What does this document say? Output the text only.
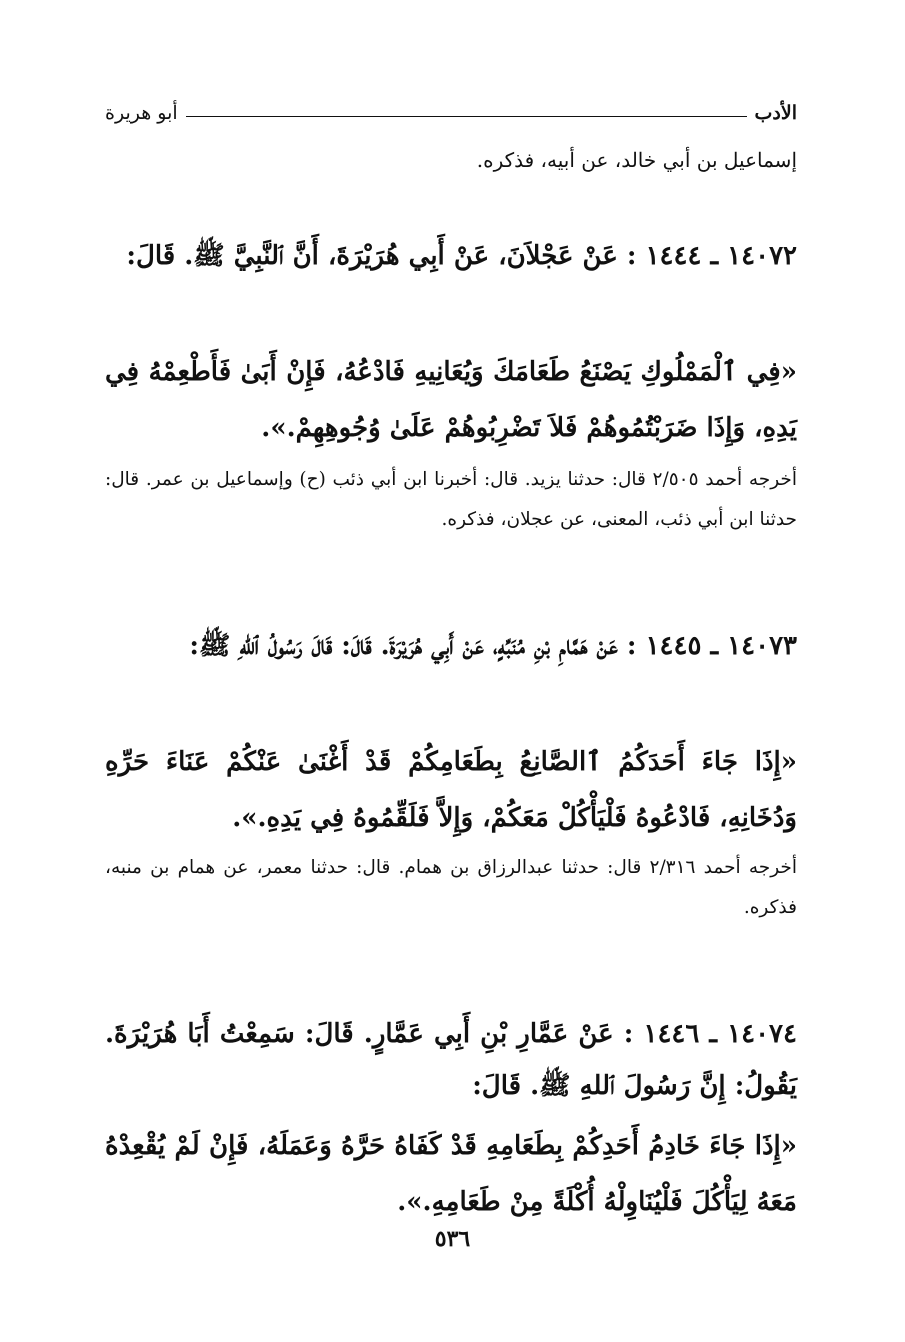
الأدب
أبو هريرة
إسماعيل بن أبي خالد، عن أبيه، فذكره.
١٤٠٧٢ ـ ١٤٤٤ : عَنْ عَجْلاَنَ، عَنْ أَبِي هُرَيْرَةَ، أَنَّ ٱلنَّبِيَّ ﷺ. قَالَ:
«فِي ٱلْمَمْلُوكِ يَصْنَعُ طَعَامَكَ وَيُعَانِيهِ فَادْعُهُ، فَإِنْ أَبَىٰ فَأَطْعِمْهُ فِي يَدِهِ، وَإِذَا ضَرَبْتُمُوهُمْ فَلاَ تَضْرِبُوهُمْ عَلَىٰ وُجُوهِهِمْ.».
أخرجه أحمد ٢/٥٠٥ قال: حدثنا يزيد. قال: أخبرنا ابن أبي ذئب (ح) وإسماعيل بن عمر. قال: حدثنا ابن أبي ذئب، المعنى، عن عجلان، فذكره.
١٤٠٧٣ ـ ١٤٤٥ : عَنْ هَمَّامِ بْنِ مُنَبِّهٍ، عَنْ أَبِي هُرَيْرَةَ. قَالَ: قَالَ رَسُولُ ٱللهِ ﷺ:
«إِذَا جَاءَ أَحَدَكُمُ ٱالصَّانِعُ بِطَعَامِكُمْ قَدْ أَغْنَىٰ عَنْكُمْ عَنَاءَ حَرِّهِ وَدُخَانِهِ، فَادْعُوهُ فَلْيَأْكُلْ مَعَكُمْ، وَإِلاَّ فَلَقِّمُوهُ فِي يَدِهِ.».
أخرجه أحمد ٢/٣١٦ قال: حدثنا عبدالرزاق بن همام. قال: حدثنا معمر، عن همام بن منبه، فذكره.
١٤٠٧٤ ـ ١٤٤٦ : عَنْ عَمَّارِ بْنِ أَبِي عَمَّارٍ. قَالَ: سَمِعْتُ أَبَا هُرَيْرَةَ. يَقُولُ: إِنَّ رَسُولَ ٱللهِ ﷺ. قَالَ:
«إِذَا جَاءَ خَادِمُ أَحَدِكُمْ بِطَعَامِهِ قَدْ كَفَاهُ حَرَّهُ وَعَمَلَهُ، فَإِنْ لَمْ يُقْعِدْهُ مَعَهُ لِيَأْكُلَ فَلْيُنَاوِلْهُ أُكْلَةً مِنْ طَعَامِهِ.».
٥٣٦
